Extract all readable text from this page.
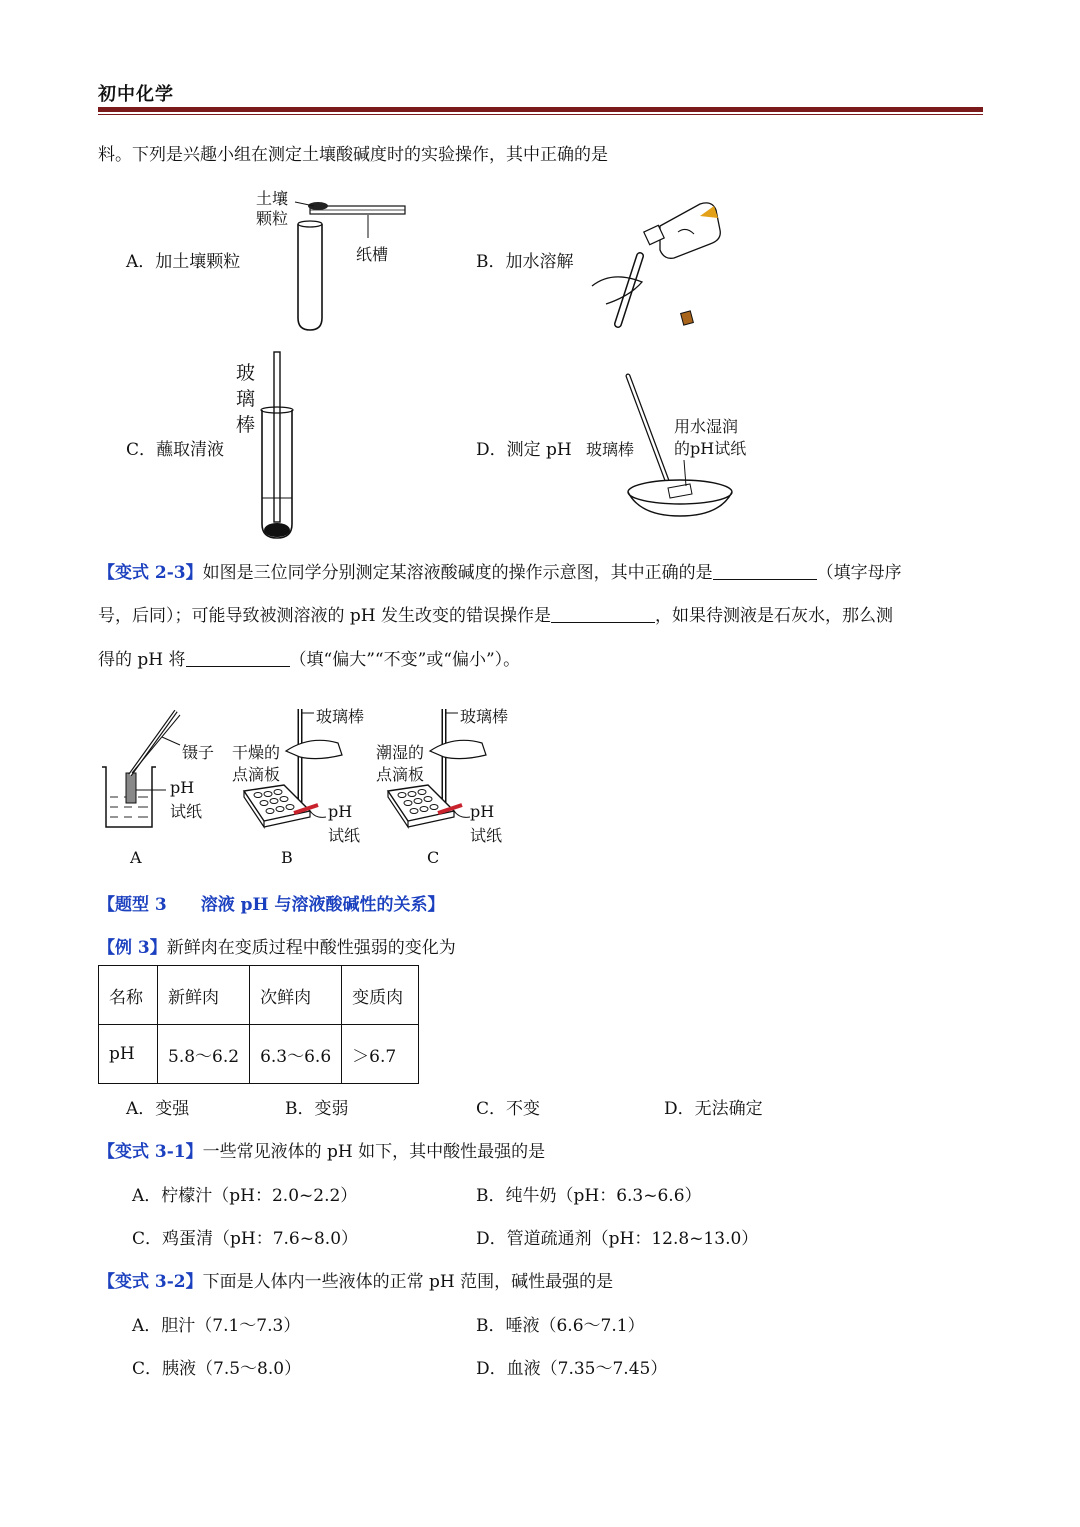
初中化学
料。下列是兴趣小组在测定土壤酸碱度时的实验操作，其中正确的是
A．加土壤颗粒	B．加水溶解
C．蘸取清液	D．测定 pH
土壤
颗粒
纸槽
玻
璃
棒
玻璃棒
用水湿润
的pH试纸
【变式 2-3】如图是三位同学分别测定某溶液酸碱度的操作示意图，其中正确的是	（填字母序
号，后同）；可能导致被测溶液的 pH 发生改变的错误操作是	，如果待测液是石灰水，那么测
得的 pH 将	（填“偏大”“不变”或“偏小”）。
镊子
pH
试纸
玻璃棒
干燥的
点滴板
pH
试纸
玻璃棒
潮湿的
点滴板
pH
试纸
A	B	C
【题型 3　　溶液 pH 与溶液酸碱性的关系】
【例 3】新鲜肉在变质过程中酸性强弱的变化为
名称	新鲜肉	次鲜肉	变质肉
pH	5.8～6.2	6.3～6.6	＞6.7
A．变强	B．变弱	C．不变	D．无法确定
【变式 3-1】一些常见液体的 pH 如下，其中酸性最强的是
A．柠檬汁（pH：2.0~2.2）	B．纯牛奶（pH：6.3~6.6）
C．鸡蛋清（pH：7.6~8.0）	D．管道疏通剂（pH：12.8~13.0）
【变式 3-2】下面是人体内一些液体的正常 pH 范围，碱性最强的是
A．胆汁（7.1～7.3）	B．唾液（6.6～7.1）
C．胰液（7.5～8.0）	D．血液（7.35～7.45）
